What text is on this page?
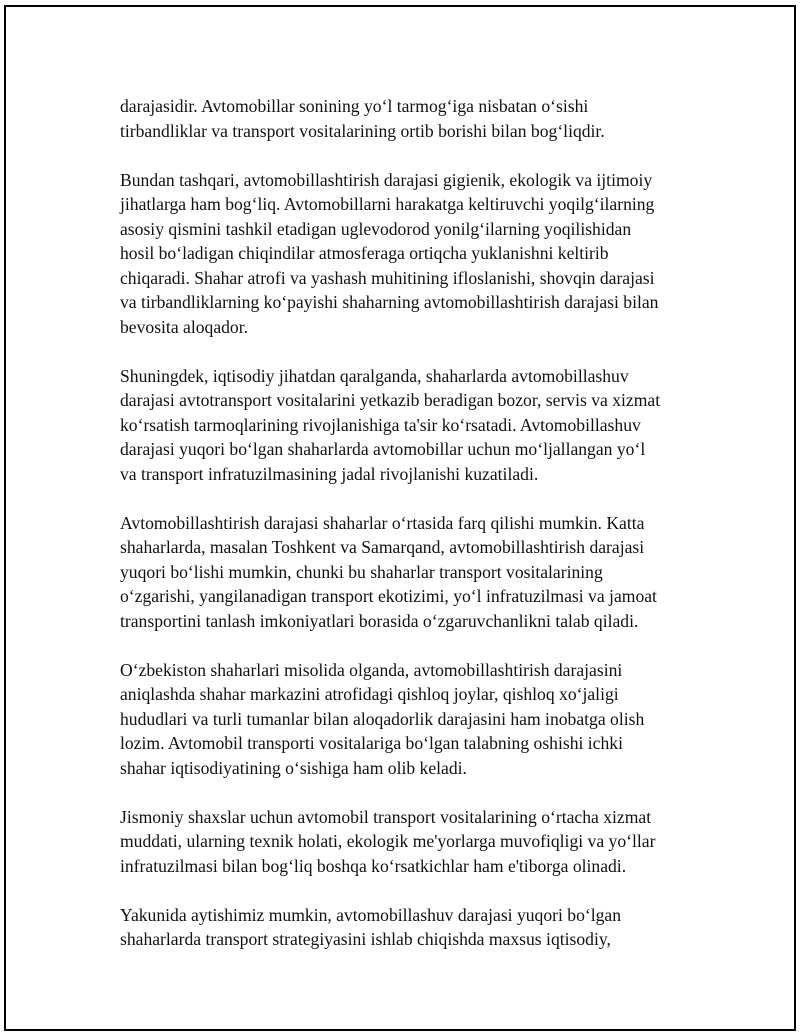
darajasidir. Avtomobillar sonining yo‘l tarmog‘iga nisbatan o‘sishi
tirbandliklar va transport vositalarining ortib borishi bilan bog‘liqdir.

Bundan tashqari, avtomobillashtirish darajasi gigienik, ekologik va ijtimoiy
jihatlarga ham bog‘liq. Avtomobillarni harakatga keltiruvchi yoqilg‘ilarning
asosiy qismini tashkil etadigan uglevodorod yonilg‘ilarning yoqilishidan
hosil bo‘ladigan chiqindilar atmosferaga ortiqcha yuklanishni keltirib
chiqaradi. Shahar atrofi va yashash muhitining ifloslanishi, shovqin darajasi
va tirbandliklarning ko‘payishi shaharning avtomobillashtirish darajasi bilan
bevosita aloqador.

Shuningdek, iqtisodiy jihatdan qaralganda, shaharlarda avtomobillashuv
darajasi avtotransport vositalarini yetkazib beradigan bozor, servis va xizmat
ko‘rsatish tarmoqlarining rivojlanishiga ta'sir ko‘rsatadi. Avtomobillashuv
darajasi yuqori bo‘lgan shaharlarda avtomobillar uchun mo‘ljallangan yo‘l
va transport infratuzilmasining jadal rivojlanishi kuzatiladi.

Avtomobillashtirish darajasi shaharlar o‘rtasida farq qilishi mumkin. Katta
shaharlarda, masalan Toshkent va Samarqand, avtomobillashtirish darajasi
yuqori bo‘lishi mumkin, chunki bu shaharlar transport vositalarining
o‘zgarishi, yangilanadigan transport ekotizimi, yo‘l infratuzilmasi va jamoat
transportini tanlash imkoniyatlari borasida o‘zgaruvchanlikni talab qiladi.

O‘zbekiston shaharlari misolida olganda, avtomobillashtirish darajasini
aniqlashda shahar markazini atrofidagi qishloq joylar, qishloq xo‘jaligi
hududlari va turli tumanlar bilan aloqadorlik darajasini ham inobatga olish
lozim. Avtomobil transporti vositalariga bo‘lgan talabning oshishi ichki
shahar iqtisodiyatining o‘sishiga ham olib keladi.

Jismoniy shaxslar uchun avtomobil transport vositalarining o‘rtacha xizmat
muddati, ularning texnik holati, ekologik me'yorlarga muvofiqligi va yo‘llar
infratuzilmasi bilan bog‘liq boshqa ko‘rsatkichlar ham e'tiborga olinadi.

Yakunida aytishimiz mumkin, avtomobillashuv darajasi yuqori bo‘lgan
shaharlarda transport strategiyasini ishlab chiqishda maxsus iqtisodiy,
